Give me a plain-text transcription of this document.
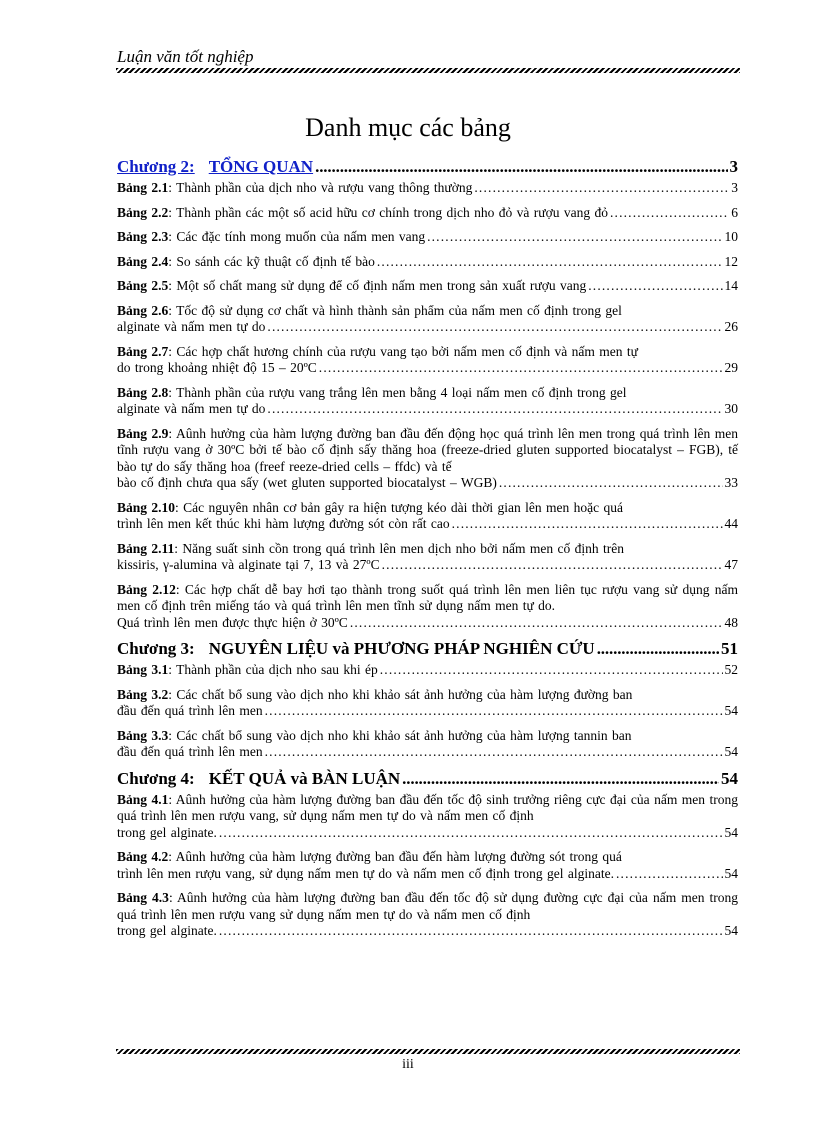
Luận văn tốt nghiệp
Danh mục các bảng
Chương 2: TỔNG QUAN . . .	3
Bảng 2.1: Thành phần của dịch nho và rượu vang thông thường . . .	3
Bảng 2.2: Thành phần các một số acid hữu cơ chính trong dịch nho đỏ và rượu vang đỏ . . .	6
Bảng 2.3: Các đặc tính mong muốn của nấm men vang . . .	10
Bảng 2.4: So sánh các kỹ thuật cố định tế bào . . .	12
Bảng 2.5: Một số chất mang sử dụng để cố định nấm men trong sản xuất rượu vang . . .	14
Bảng 2.6: Tốc độ sử dụng cơ chất và hình thành sản phẩm của nấm men cố định trong gel
alginate và nấm men tự do . . .	26
Bảng 2.7: Các hợp chất hương chính của rượu vang tạo bởi nấm men cố định và nấm men tự
do trong khoảng nhiệt độ 15 – 20ºC . . .	29
Bảng 2.8: Thành phần của rượu vang trắng lên men bằng 4 loại nấm men cố định trong gel
alginate và nấm men tự do . . .	30
Bảng 2.9: Aûnh hưởng của hàm lượng đường ban đầu đến động học quá trình lên men trong quá trình lên men tĩnh rượu vang ở 30ºC bởi tế bào cố định sấy thăng hoa (freeze-dried gluten supported biocatalyst – FGB), tế bào tự do sấy thăng hoa (freef reeze-dried cells – ffdc) và tế
bào cố định chưa qua sấy (wet gluten supported biocatalyst – WGB) . . .	33
Bảng 2.10: Các nguyên nhân cơ bản gây ra hiện tượng kéo dài thời gian lên men hoặc quá
trình lên men kết thúc khi hàm lượng đường sót còn rất cao . . .	44
Bảng 2.11: Năng suất sinh cồn trong quá trình lên men dịch nho bởi nấm men cố định trên
kissiris, γ-alumina và alginate tại 7, 13 và 27ºC . . .	47
Bảng 2.12: Các hợp chất dễ bay hơi tạo thành trong suốt quá trình lên men liên tục rượu vang sử dụng nấm men cố định trên miếng táo và quá trình lên men tĩnh sử dụng nấm men tự do.
Quá trình lên men được thực hiện ở 30ºC . . .	48
Chương 3: NGUYÊN LIỆU và PHƯƠNG PHÁP NGHIÊN CỨU . . .	51
Bảng 3.1: Thành phần của dịch nho sau khi ép . . .	52
Bảng 3.2: Các chất bổ sung vào dịch nho khi khảo sát ảnh hưởng của hàm lượng đường ban
đầu đến quá trình lên men . . .	54
Bảng 3.3: Các chất bổ sung vào dịch nho khi khảo sát ảnh hưởng của hàm lượng tannin ban
đầu đến quá trình lên men . . .	54
Chương 4: KẾT QUẢ và BÀN LUẬN . . .	54
Bảng 4.1: Aûnh hưởng của hàm lượng đường ban đầu đến tốc độ sinh trưởng riêng cực đại của nấm men trong quá trình lên men rượu vang, sử dụng nấm men tự do và nấm men cố định
trong gel alginate. . . .	54
Bảng 4.2: Aûnh hưởng của hàm lượng đường ban đầu đến hàm lượng đường sót trong quá
trình lên men rượu vang, sử dụng nấm men tự do và nấm men cố định trong gel alginate. . . .	54
Bảng 4.3: Aûnh hưởng của hàm lượng đường ban đầu đến tốc độ sử dụng đường cực đại của nấm men trong quá trình lên men rượu vang sử dụng nấm men tự do và nấm men cố định
trong gel alginate. . . .	54
iii
